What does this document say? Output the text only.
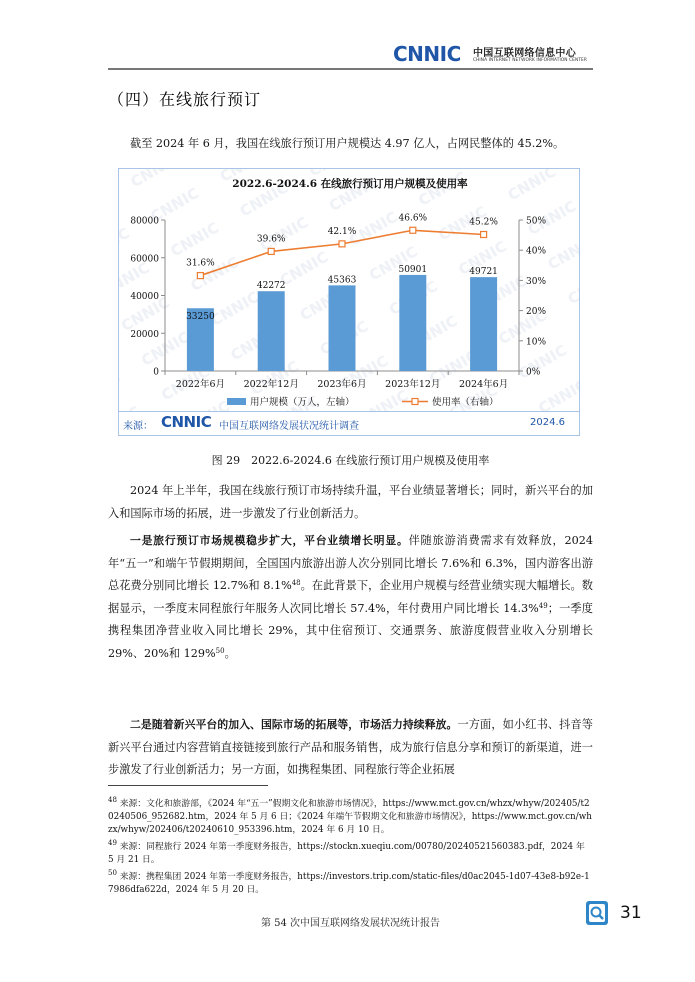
CNNIC 中国互联网络信息中心
CHINA INTERNET NETWORK INFORMATION CENTER
（四）在线旅行预订
截至 2024 年 6 月，我国在线旅行预订用户规模达 4.97 亿人，占网民整体的 45.2%。
2022.6-2024.6 在线旅行预订用户规模及使用率
0
20000
40000
60000
80000
0%
10%
20%
30%
40%
50%
2022年6月 2022年12月 2023年6月 2023年12月 2024年6月
33250
42272
45363
50901	49721
31.6%
39.6%
42.1%
46.6%	45.2%
用户规模（万人，左轴）	使用率（右轴）
来源： CNNIC 中国互联网络发展状况统计调查	2024.6
图 29　2022.6-2024.6 在线旅行预订用户规模及使用率
2024 年上半年，我国在线旅行预订市场持续升温，平台业绩显著增长；同时，新兴平台的加入和国际市场的拓展，进一步激发了行业创新活力。
一是旅行预订市场规模稳步扩大，平台业绩增长明显。伴随旅游消费需求有效释放，2024 年“五一”和端午节假期期间，全国国内旅游出游人次分别同比增长 7.6%和 6.3%，国内游客出游总花费分别同比增长 12.7%和 8.1%$^{48}$。在此背景下，企业用户规模与经营业绩实现大幅增长。数据显示，一季度末同程旅行年服务人次同比增长 57.4%，年付费用户同比增长 14.3%$^{49}$；一季度携程集团净营业收入同比增长 29%，其中住宿预订、交通票务、旅游度假营业收入分别增长 29%、20%和 129%$^{50}$。
二是随着新兴平台的加入、国际市场的拓展等，市场活力持续释放。一方面，如小红书、抖音等新兴平台通过内容营销直接链接到旅行产品和服务销售，成为旅行信息分享和预订的新渠道，进一步激发了行业创新活力；另一方面，如携程集团、同程旅行等企业拓展
$^{48}$ 来源：文化和旅游部，《2024 年“五一”假期文化和旅游市场情况》，https://www.mct.gov.cn/whzx/whyw/202405/t20240506_952682.htm，2024 年 5 月 6 日；《2024 年端午节假期文化和旅游市场情况》，https://www.mct.gov.cn/whzx/whyw/202406/t20240610_953396.htm，2024 年 6 月 10 日。
$^{49}$ 来源：同程旅行 2024 年第一季度财务报告，https://stockn.xueqiu.com/00780/20240521560383.pdf，2024 年 5 月 21 日。
$^{50}$ 来源：携程集团 2024 年第一季度财务报告，https://investors.trip.com/static-files/d0ac2045-1d07-43e8-b92e-17986dfa622d，2024 年 5 月 20 日。
第 54 次中国互联网络发展状况统计报告
31
